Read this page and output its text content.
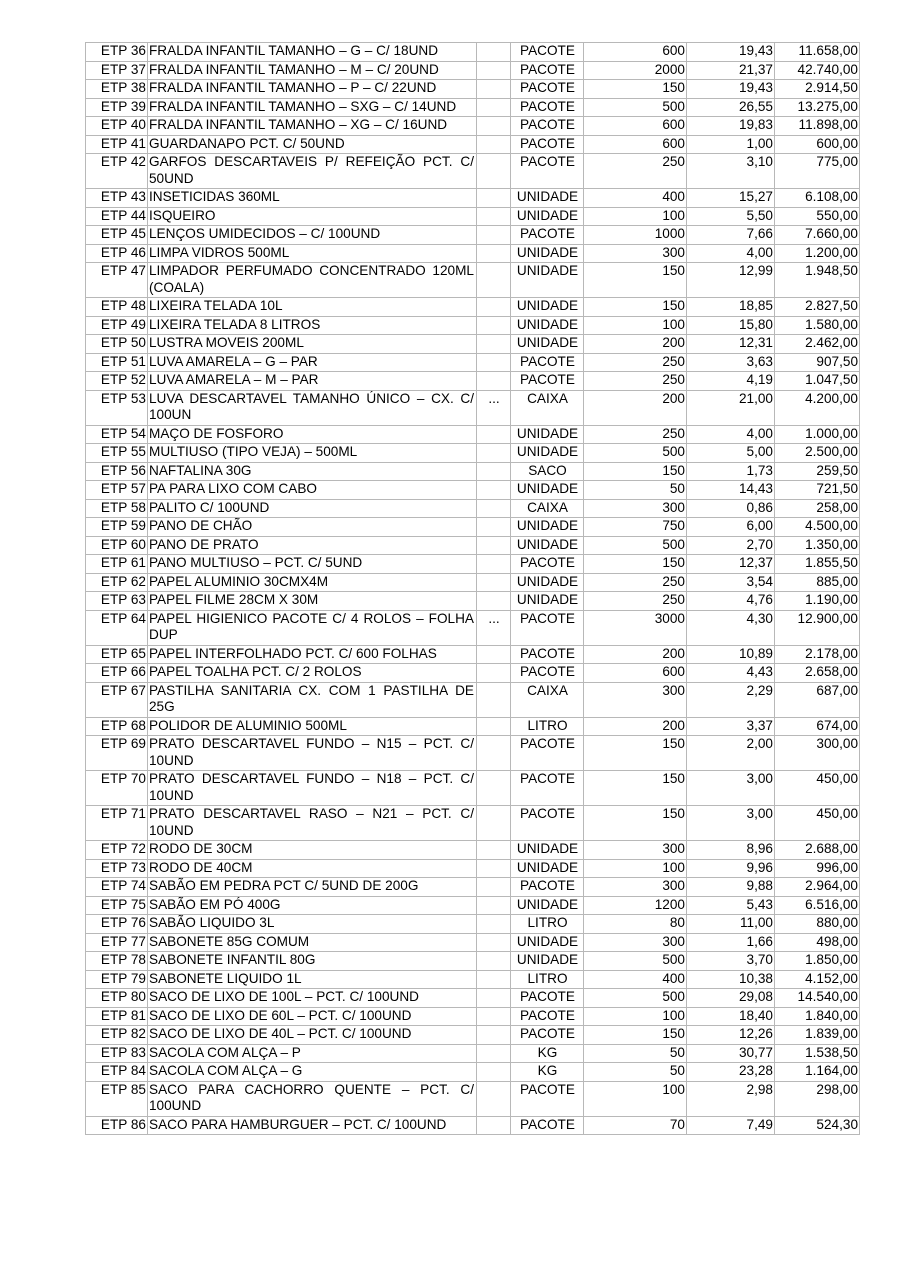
ETP 36	FRALDA INFANTIL TAMANHO – G – C/ 18UND		PACOTE	600	19,43	11.658,00
ETP 37	FRALDA INFANTIL TAMANHO – M – C/ 20UND		PACOTE	2000	21,37	42.740,00
ETP 38	FRALDA INFANTIL TAMANHO – P – C/ 22UND		PACOTE	150	19,43	2.914,50
ETP 39	FRALDA INFANTIL TAMANHO – SXG – C/ 14UND		PACOTE	500	26,55	13.275,00
ETP 40	FRALDA INFANTIL TAMANHO – XG – C/ 16UND		PACOTE	600	19,83	11.898,00
ETP 41	GUARDANAPO PCT. C/ 50UND		PACOTE	600	1,00	600,00
ETP 42	GARFOS DESCARTAVEIS P/ REFEIÇÃO PCT. C/ 50UND		PACOTE	250	3,10	775,00
ETP 43	INSETICIDAS 360ML		UNIDADE	400	15,27	6.108,00
ETP 44	ISQUEIRO		UNIDADE	100	5,50	550,00
ETP 45	LENÇOS UMIDECIDOS – C/ 100UND		PACOTE	1000	7,66	7.660,00
ETP 46	LIMPA VIDROS 500ML		UNIDADE	300	4,00	1.200,00
ETP 47	LIMPADOR PERFUMADO CONCENTRADO 120ML (COALA)		UNIDADE	150	12,99	1.948,50
ETP 48	LIXEIRA TELADA 10L		UNIDADE	150	18,85	2.827,50
ETP 49	LIXEIRA TELADA 8 LITROS		UNIDADE	100	15,80	1.580,00
ETP 50	LUSTRA MOVEIS 200ML		UNIDADE	200	12,31	2.462,00
ETP 51	LUVA AMARELA – G – PAR		PACOTE	250	3,63	907,50
ETP 52	LUVA AMARELA – M – PAR		PACOTE	250	4,19	1.047,50
ETP 53	LUVA DESCARTAVEL TAMANHO ÚNICO – CX. C/ 100UN	...	CAIXA	200	21,00	4.200,00
ETP 54	MAÇO DE FOSFORO		UNIDADE	250	4,00	1.000,00
ETP 55	MULTIUSO (TIPO VEJA) – 500ML		UNIDADE	500	5,00	2.500,00
ETP 56	NAFTALINA 30G		SACO	150	1,73	259,50
ETP 57	PA PARA LIXO COM CABO		UNIDADE	50	14,43	721,50
ETP 58	PALITO C/ 100UND		CAIXA	300	0,86	258,00
ETP 59	PANO DE CHÃO		UNIDADE	750	6,00	4.500,00
ETP 60	PANO DE PRATO		UNIDADE	500	2,70	1.350,00
ETP 61	PANO MULTIUSO – PCT. C/ 5UND		PACOTE	150	12,37	1.855,50
ETP 62	PAPEL ALUMINIO 30CMX4M		UNIDADE	250	3,54	885,00
ETP 63	PAPEL FILME 28CM X 30M		UNIDADE	250	4,76	1.190,00
ETP 64	PAPEL HIGIENICO PACOTE C/ 4 ROLOS – FOLHA DUP	...	PACOTE	3000	4,30	12.900,00
ETP 65	PAPEL INTERFOLHADO PCT. C/ 600 FOLHAS		PACOTE	200	10,89	2.178,00
ETP 66	PAPEL TOALHA PCT. C/ 2 ROLOS		PACOTE	600	4,43	2.658,00
ETP 67	PASTILHA SANITARIA CX. COM 1 PASTILHA DE 25G		CAIXA	300	2,29	687,00
ETP 68	POLIDOR DE ALUMINIO 500ML		LITRO	200	3,37	674,00
ETP 69	PRATO DESCARTAVEL FUNDO – N15 – PCT. C/ 10UND		PACOTE	150	2,00	300,00
ETP 70	PRATO DESCARTAVEL FUNDO – N18 – PCT. C/ 10UND		PACOTE	150	3,00	450,00
ETP 71	PRATO DESCARTAVEL RASO – N21 – PCT. C/ 10UND		PACOTE	150	3,00	450,00
ETP 72	RODO DE 30CM		UNIDADE	300	8,96	2.688,00
ETP 73	RODO DE 40CM		UNIDADE	100	9,96	996,00
ETP 74	SABÃO EM PEDRA PCT C/ 5UND DE 200G		PACOTE	300	9,88	2.964,00
ETP 75	SABÃO EM PÓ 400G		UNIDADE	1200	5,43	6.516,00
ETP 76	SABÃO LIQUIDO 3L		LITRO	80	11,00	880,00
ETP 77	SABONETE 85G COMUM		UNIDADE	300	1,66	498,00
ETP 78	SABONETE INFANTIL 80G		UNIDADE	500	3,70	1.850,00
ETP 79	SABONETE LIQUIDO 1L		LITRO	400	10,38	4.152,00
ETP 80	SACO DE LIXO DE 100L – PCT. C/ 100UND		PACOTE	500	29,08	14.540,00
ETP 81	SACO DE LIXO DE 60L – PCT. C/ 100UND		PACOTE	100	18,40	1.840,00
ETP 82	SACO DE LIXO DE 40L – PCT. C/ 100UND		PACOTE	150	12,26	1.839,00
ETP 83	SACOLA COM ALÇA – P		KG	50	30,77	1.538,50
ETP 84	SACOLA COM ALÇA – G		KG	50	23,28	1.164,00
ETP 85	SACO PARA CACHORRO QUENTE – PCT. C/ 100UND		PACOTE	100	2,98	298,00
ETP 86	SACO PARA HAMBURGUER – PCT. C/ 100UND		PACOTE	70	7,49	524,30
